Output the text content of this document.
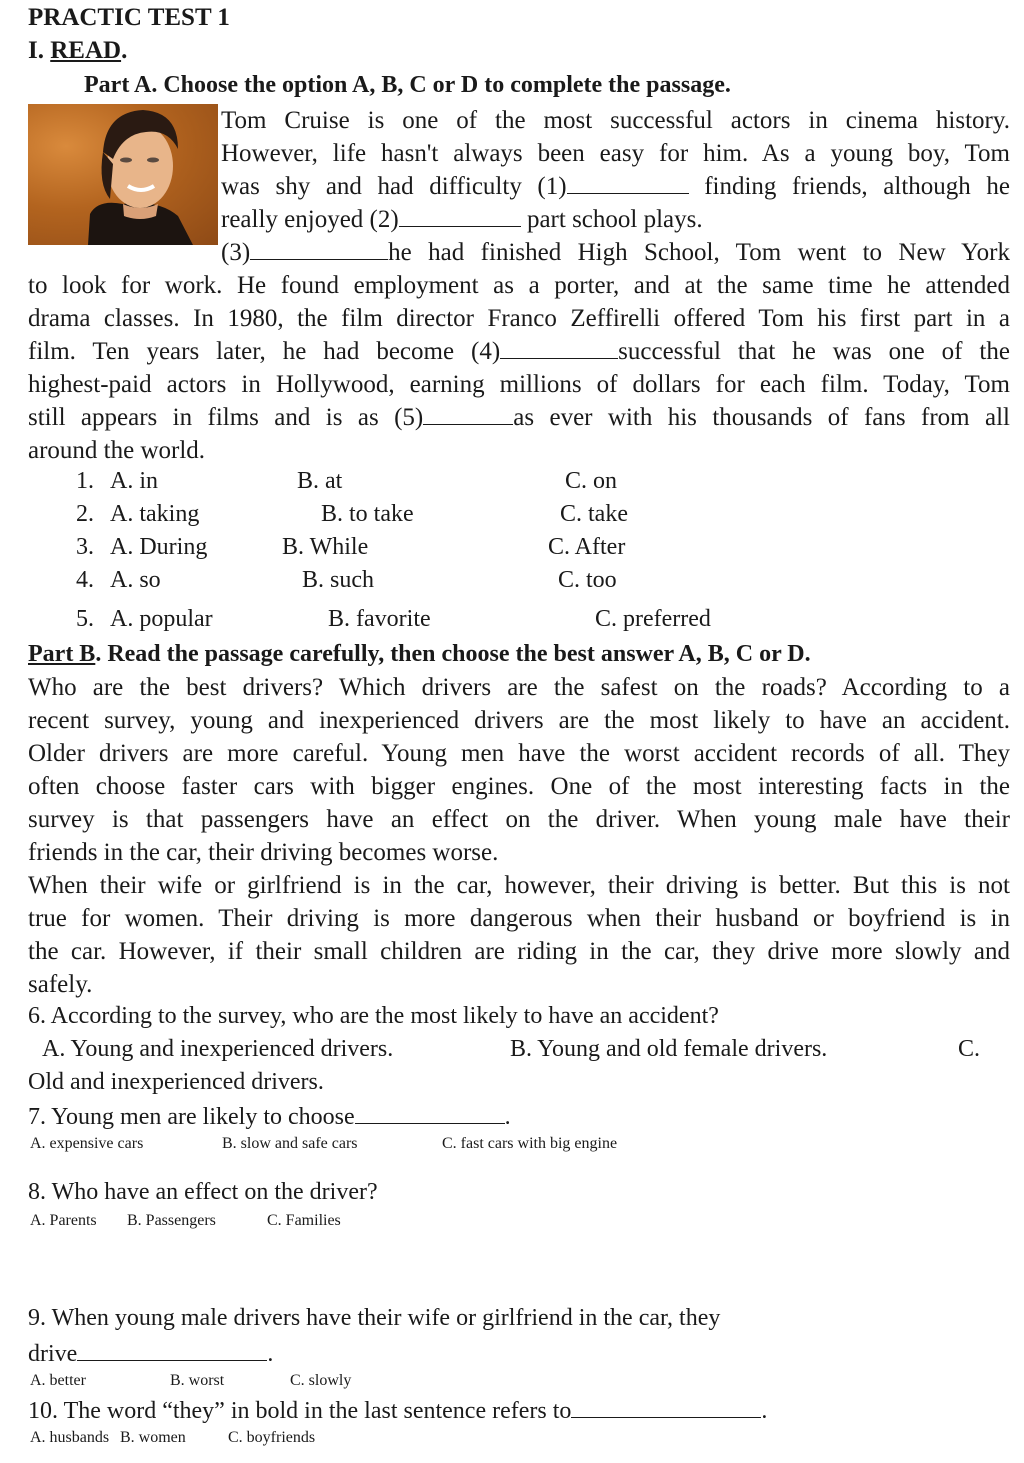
PRACTIC TEST 1
I. READ.
Part A. Choose the option A, B, C or D to complete the passage.
Tom Cruise is one of the most successful actors in cinema history.
However, life hasn't always been easy for him. As a young boy, Tom
was shy and had difficulty (1)	finding friends, although he
really enjoyed (2)	part school plays.
(3)	he had finished High School, Tom went to New York
to look for work. He found employment as a porter, and at the same time he attended
drama classes. In 1980, the film director Franco Zeffirelli offered Tom his first part in a
film. Ten years later, he had become (4)	successful that he was one of the
highest-paid actors in Hollywood, earning millions of dollars for each film. Today, Tom
still appears in films and is as (5)	as ever with his thousands of fans from all
around the world.
1. A. in	B. at	C. on
2. A. taking	B. to take	C. take
3. A. During	B. While	C. After
4. A. so	B. such	C. too
5. A. popular	B. favorite	C. preferred
Part B. Read the passage carefully, then choose the best answer A, B, C or D.
Who are the best drivers? Which drivers are the safest on the roads? According to a
recent survey, young and inexperienced drivers are the most likely to have an accident.
Older drivers are more careful. Young men have the worst accident records of all. They
often choose faster cars with bigger engines. One of the most interesting facts in the
survey is that passengers have an effect on the driver. When young male have their
friends in the car, their driving becomes worse.
When their wife or girlfriend is in the car, however, their driving is better. But this is not
true for women. Their driving is more dangerous when their husband or boyfriend is in
the car. However, if their small children are riding in the car, they drive more slowly and
safely.
6. According to the survey, who are the most likely to have an accident?
A. Young and inexperienced drivers.	B. Young and old female drivers.	C.
Old and inexperienced drivers.
7. Young men are likely to choose	.
A. expensive cars	B. slow and safe cars	C. fast cars with big engine
8. Who have an effect on the driver?
A. Parents B. Passengers	C. Families
9. When young male drivers have their wife or girlfriend in the car, they
drive	.
A. better	B. worst	C. slowly
10. The word “they” in bold in the last sentence refers to	.
A. husbands B. women	C. boyfriends
